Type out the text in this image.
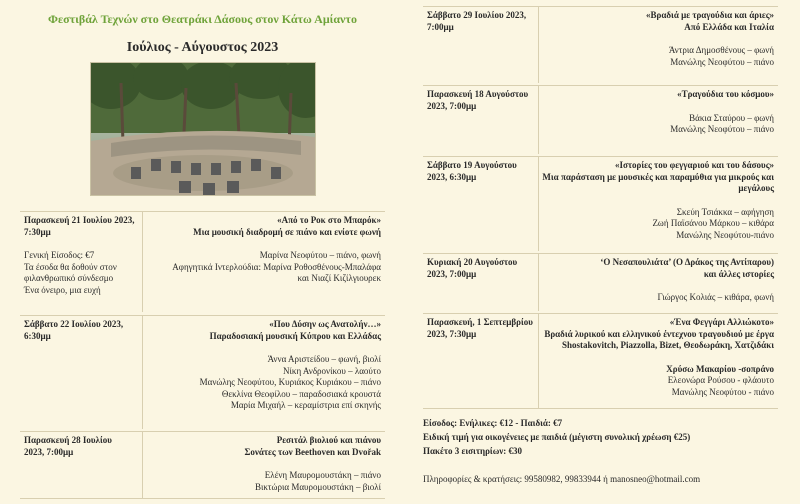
Φεστιβάλ Τεχνών στο Θεατράκι Δάσους στον Κάτω Αμίαντο
Ιούλιος - Αύγουστος 2023
Παρασκευή 21 Ιουλίου 2023, 7:30μμ
«Από το Ροκ στο Μπαρόκ»
Μια μουσική διαδρομή σε πιάνο και ενίοτε φωνή
Μαρίνα Νεοφύτου – πιάνο, φωνή
Αφηγητικά Ιντερλούδια: Μαρίνα Ροθοσθένους-Μπαλάφα
και Νιαζί Κιζίλγιουρεκ
Γενική Είσοδος: €7
Τα έσοδα θα δοθούν στον
φιλανθρωπικό σύνδεσμο
Ένα όνειρο, μια ευχή
Σάββατο 22 Ιουλίου 2023, 6:30μμ
«Που Δύσην ως Ανατολήν…»
Παραδοσιακή μουσική Κύπρου και Ελλάδας
Άννα Αριστείδου – φωνή, βιολί
Νίκη Ανδρονίκου – λαούτο
Μανώλης Νεοφύτου, Κυριάκος Κυριάκου – πιάνο
Θεκλίνα Θεοφίλου – παραδοσιακά κρουστά
Μαρία Μιχαήλ – κεραμίστρια επί σκηνής
Παρασκευή 28 Ιουλίου 2023, 7:00μμ
Ρεσιτάλ βιολιού και πιάνου
Σονάτες των Beethoven και Dvořak
Ελένη Μαυρομουστάκη – πιάνο
Βικτώρια Μαυρομουστάκη – βιολί
Σάββατο 29 Ιουλίου 2023, 7:00μμ
«Βραδιά με τραγούδια και άριες»
Από Ελλάδα και Ιταλία
Άντρια Δημοσθένους – φωνή
Μανώλης Νεοφύτου – πιάνο
Παρασκευή 18 Αυγούστου 2023, 7:00μμ
«Τραγούδια του κόσμου»
Βάκια Σταύρου – φωνή
Μανώλης Νεοφύτου – πιάνο
Σάββατο 19 Αυγούστου 2023, 6:30μμ
«Ιστορίες του φεγγαριού και του δάσους»
Μια παράσταση με μουσικές και παραμύθια για μικρούς και μεγάλους
Σκεύη Τσιάκκα – αφήγηση
Ζωή Παϊσάνου Μάρκου – κιθάρα
Μανώλης Νεοφύτου-πιάνο
Κυριακή 20 Αυγούστου 2023, 7:00μμ
‘Ο Νεσαπουλιάτα’ (Ο Δράκος της Αντίπαρου)
και άλλες ιστορίες
Γιώργος Κολιάς – κιθάρα, φωνή
Παρασκευή, 1 Σεπτεμβρίου 2023, 7:30μμ
«Ένα Φεγγάρι Αλλιώκοτο»
Βραδιά λυρικού και ελληνικού έντεχνου τραγουδιού με έργα Shostakovitch, Piazzolla, Bizet, Θεοδωράκη, Χατζιδάκι
Χρύσω Μακαρίου -σοπράνο
Ελεονώρα Ρούσου - φλάουτο
Μανώλης Νεοφύτου - πιάνο
Είσοδος: Ενήλικες: €12 - Παιδιά: €7
Ειδική τιμή για οικογένειες με παιδιά (μέγιστη συνολική χρέωση €25)
Πακέτο 3 εισιτηρίων: €30
Πληροφορίες & κρατήσεις: 99580982, 99833944 ή manosneo@hotmail.com
